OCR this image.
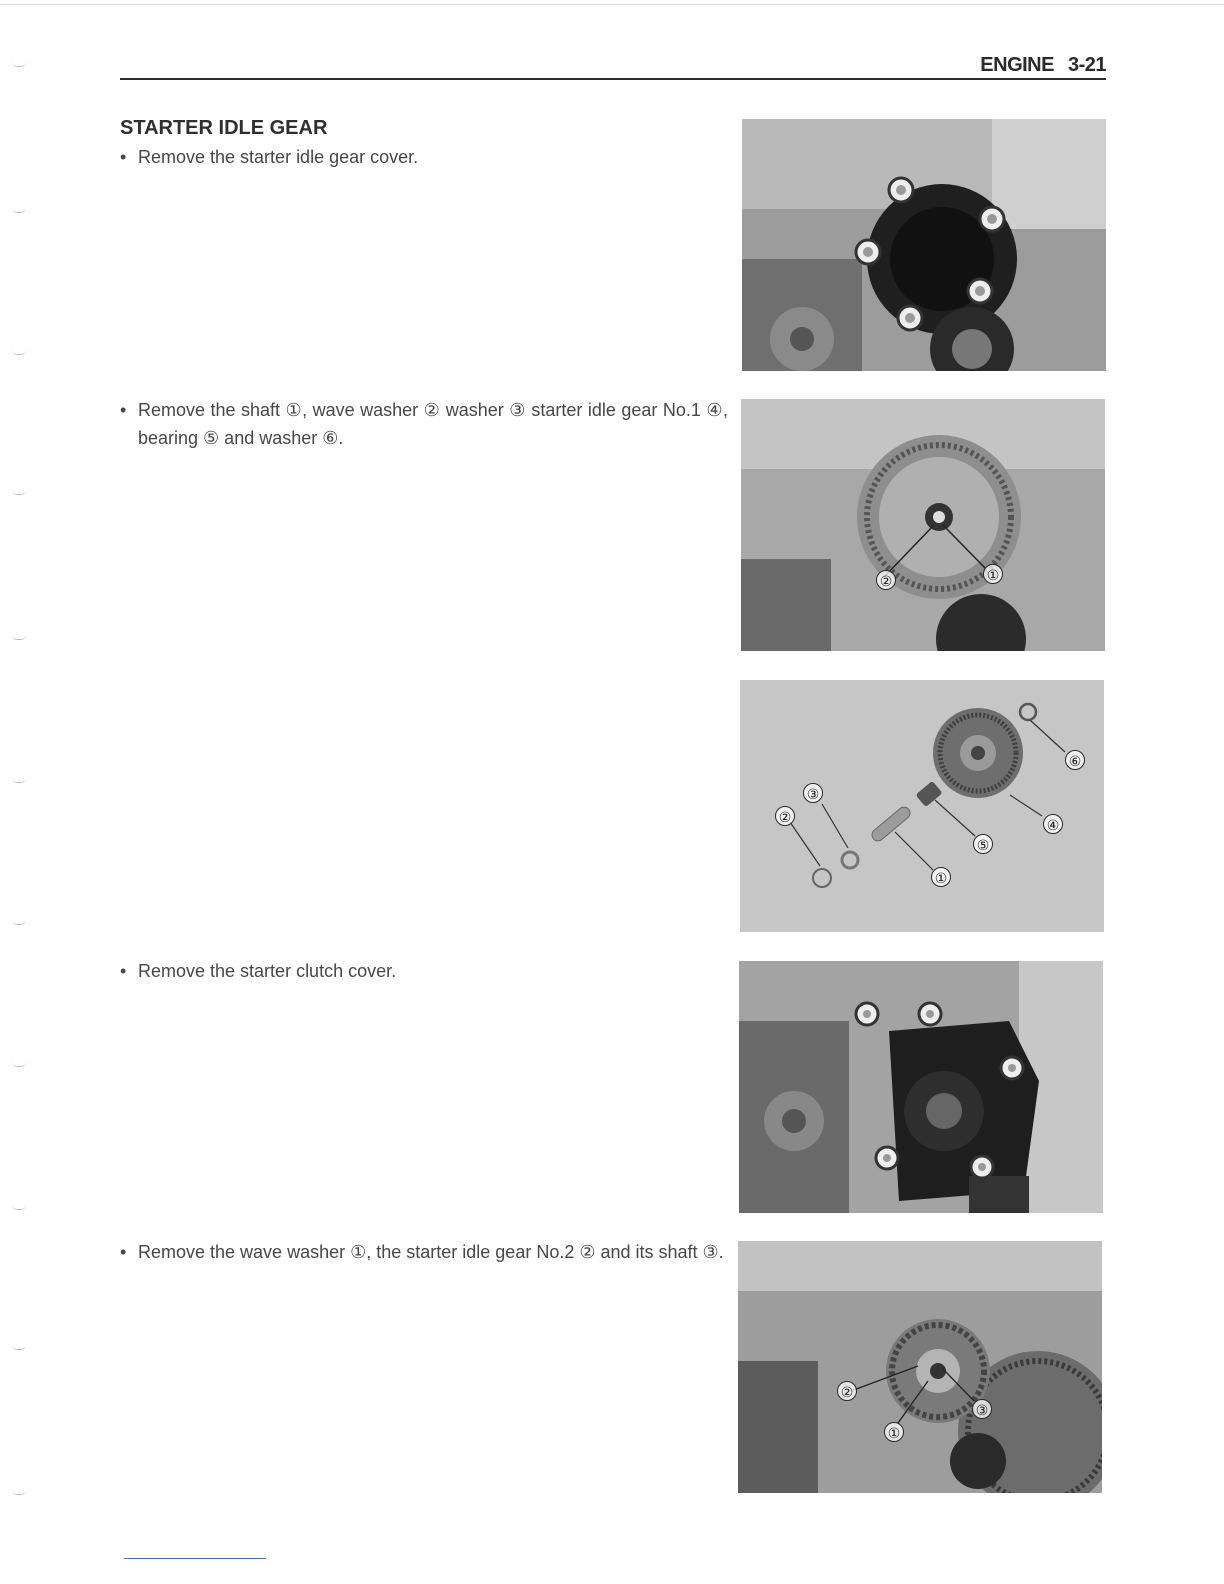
ENGINE 3-21
STARTER IDLE GEAR
• Remove the starter idle gear cover.
• Remove the shaft ①, wave washer ② washer ③ starter idle gear No.1 ④, bearing ⑤ and washer ⑥.
• Remove the starter clutch cover.
• Remove the wave washer ①, the starter idle gear No.2 ② and its shaft ③.
②	①
⑥
③
②	④
⑤
①
②
③
①
